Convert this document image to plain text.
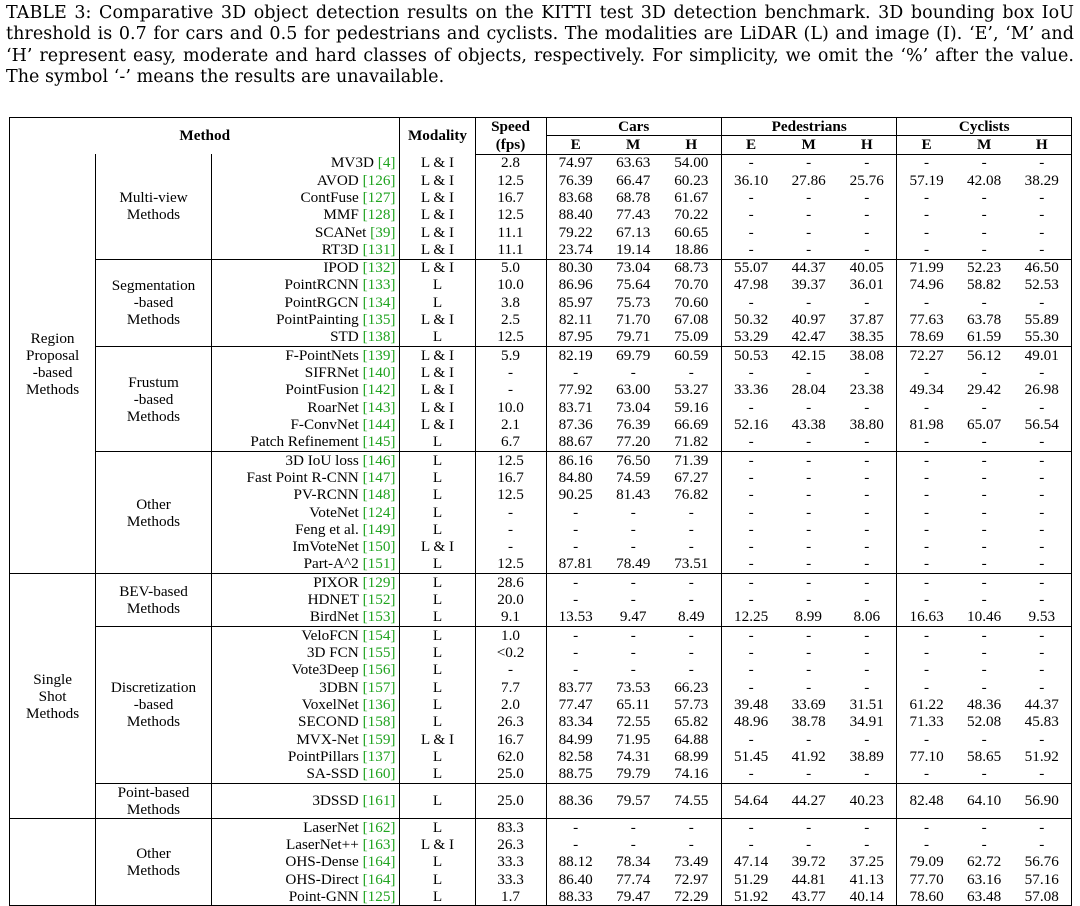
TABLE 3: Comparative 3D object detection results on the KITTI test 3D detection benchmark. 3D bounding box IoU threshold is 0.7 for cars and 0.5 for pedestrians and cyclists. The modalities are LiDAR (L) and image (I). ‘E’, ‘M’ and ‘H’ represent easy, moderate and hard classes of objects, respectively. For simplicity, we omit the ‘%’ after the value. The symbol ‘-’ means the results are unavailable.
Method			Modality	Speed	Cars			Pedestrians			Cyclists		
				(fps)	E	M	H	E	M	H	E	M	H

Region
Proposal
-based
Methods	Multi-view
Methods	MV3D [4]	L & I	2.8	74.97	63.63	54.00	-	-	-	-	-	-
		AVOD [126]	L & I	12.5	76.39	66.47	60.23	36.10	27.86	25.76	57.19	42.08	38.29
		ContFuse [127]	L & I	16.7	83.68	68.78	61.67	-	-	-	-	-	-
		MMF [128]	L & I	12.5	88.40	77.43	70.22	-	-	-	-	-	-
		SCANet [39]	L & I	11.1	79.22	67.13	60.65	-	-	-	-	-	-
		RT3D [131]	L & I	11.1	23.74	19.14	18.86	-	-	-	-	-	-

	Segmentation
-based
Methods	IPOD [132]	L & I	5.0	80.30	73.04	68.73	55.07	44.37	40.05	71.99	52.23	46.50
		PointRCNN [133]	L	10.0	86.96	75.64	70.70	47.98	39.37	36.01	74.96	58.82	52.53
		PointRGCN [134]	L	3.8	85.97	75.73	70.60	-	-	-	-	-	-
		PointPainting [135]	L & I	2.5	82.11	71.70	67.08	50.32	40.97	37.87	77.63	63.78	55.89
		STD [138]	L	12.5	87.95	79.71	75.09	53.29	42.47	38.35	78.69	61.59	55.30

	Frustum
-based
Methods	F-PointNets [139]	L & I	5.9	82.19	69.79	60.59	50.53	42.15	38.08	72.27	56.12	49.01
		SIFRNet [140]	L & I	-	-	-	-	-	-	-	-	-	-
		PointFusion [142]	L & I	-	77.92	63.00	53.27	33.36	28.04	23.38	49.34	29.42	26.98
		RoarNet [143]	L & I	10.0	83.71	73.04	59.16	-	-	-	-	-	-
		F-ConvNet [144]	L & I	2.1	87.36	76.39	66.69	52.16	43.38	38.80	81.98	65.07	56.54
		Patch Refinement [145]	L	6.7	88.67	77.20	71.82	-	-	-	-	-	-

	Other
Methods	3D IoU loss [146]	L	12.5	86.16	76.50	71.39	-	-	-	-	-	-
		Fast Point R-CNN [147]	L	16.7	84.80	74.59	67.27	-	-	-	-	-	-
		PV-RCNN [148]	L	12.5	90.25	81.43	76.82	-	-	-	-	-	-
		VoteNet [124]	L	-	-	-	-	-	-	-	-	-	-
		Feng et al. [149]	L	-	-	-	-	-	-	-	-	-	-
		ImVoteNet [150]	L & I	-	-	-	-	-	-	-	-	-	-
		Part-A^2 [151]	L	12.5	87.81	78.49	73.51	-	-	-	-	-	-

Single
Shot
Methods	BEV-based
Methods	PIXOR [129]	L	28.6	-	-	-	-	-	-	-	-	-
		HDNET [152]	L	20.0	-	-	-	-	-	-	-	-	-
		BirdNet [153]	L	9.1	13.53	9.47	8.49	12.25	8.99	8.06	16.63	10.46	9.53

	Discretization
-based
Methods	VeloFCN [154]	L	1.0	-	-	-	-	-	-	-	-	-
		3D FCN [155]	L	<0.2	-	-	-	-	-	-	-	-	-
		Vote3Deep [156]	L	-	-	-	-	-	-	-	-	-	-
		3DBN [157]	L	7.7	83.77	73.53	66.23	-	-	-	-	-	-
		VoxelNet [136]	L	2.0	77.47	65.11	57.73	39.48	33.69	31.51	61.22	48.36	44.37
		SECOND [158]	L	26.3	83.34	72.55	65.82	48.96	38.78	34.91	71.33	52.08	45.83
		MVX-Net [159]	L & I	16.7	84.99	71.95	64.88	-	-	-	-	-	-
		PointPillars [137]	L	62.0	82.58	74.31	68.99	51.45	41.92	38.89	77.10	58.65	51.92
		SA-SSD [160]	L	25.0	88.75	79.79	74.16	-	-	-	-	-	-

	Point-based
Methods	3DSSD [161]	L	25.0	88.36	79.57	74.55	54.64	44.27	40.23	82.48	64.10	56.90

	Other
Methods	LaserNet [162]	L	83.3	-	-	-	-	-	-	-	-	-
		LaserNet++ [163]	L & I	26.3	-	-	-	-	-	-	-	-	-
		OHS-Dense [164]	L	33.3	88.12	78.34	73.49	47.14	39.72	37.25	79.09	62.72	56.76
		OHS-Direct [164]	L	33.3	86.40	77.74	72.97	51.29	44.81	41.13	77.70	63.16	57.16
		Point-GNN [125]	L	1.7	88.33	79.47	72.29	51.92	43.77	40.14	78.60	63.48	57.08
